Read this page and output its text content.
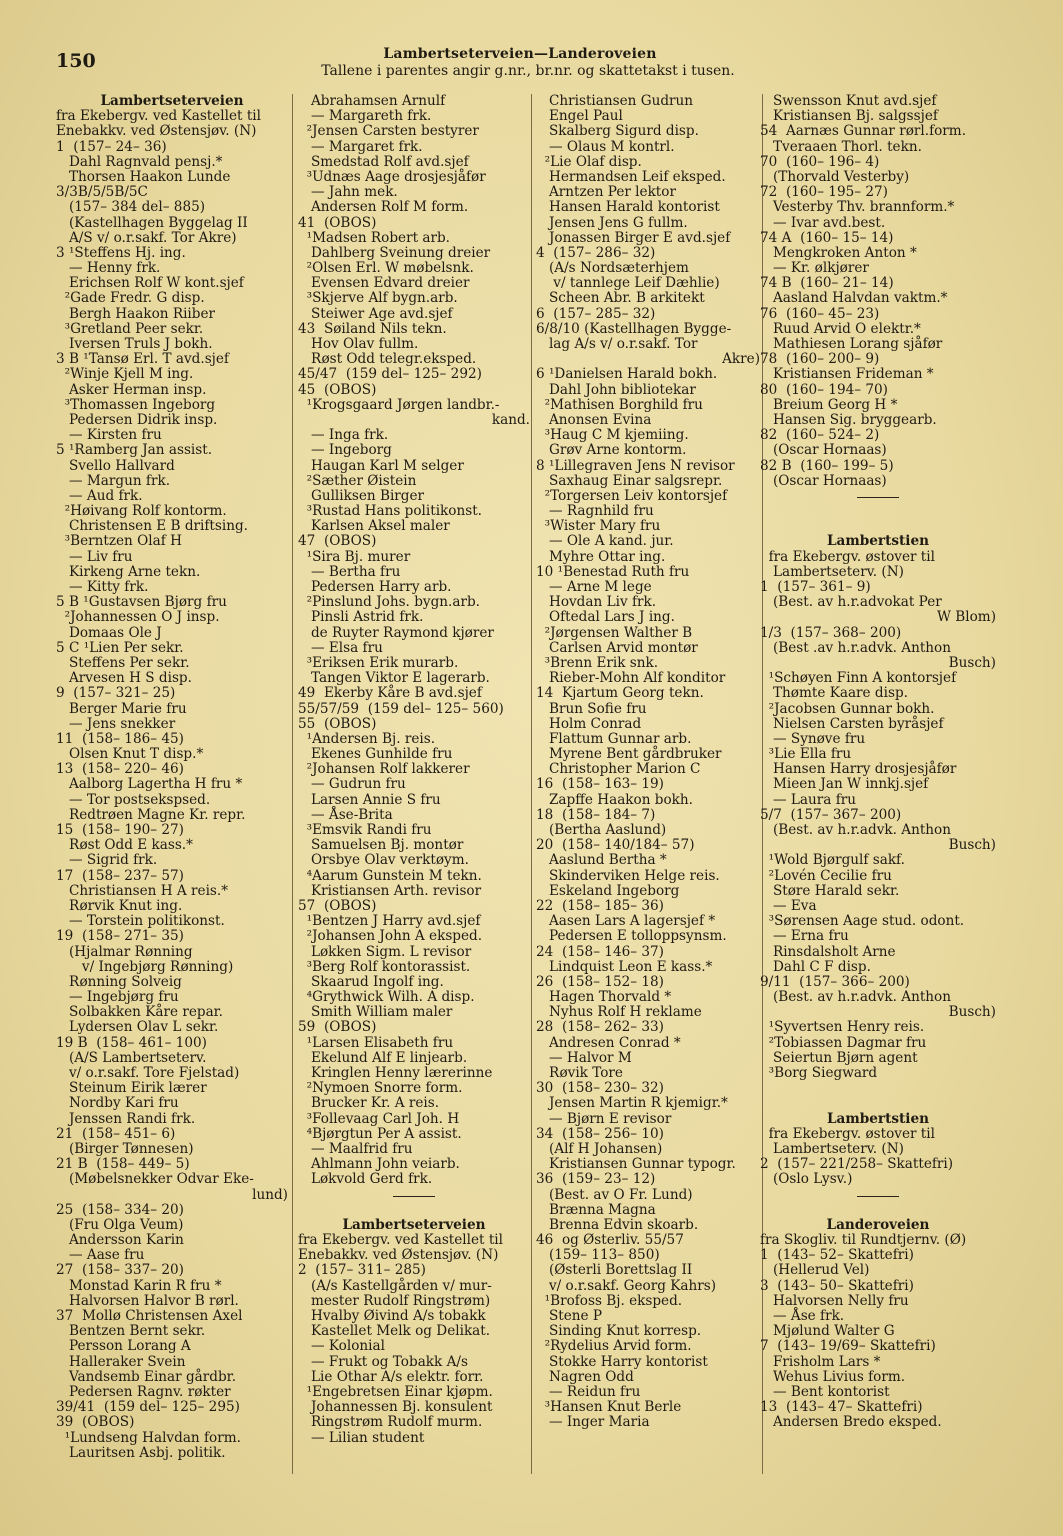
150	Lambertseterveien—Landeroveien
Tallene i parentes angir g.nr., br.nr. og skattetakst i tusen.
Lambertseterveien
fra Ekebergv. ved Kastellet til
Enebakkv. ved Østensjøv. (N)
1  (157– 24– 36)
Dahl Ragnvald pensj.*
Thorsen Haakon Lunde
3/3B/5/5B/5C
(157– 384 del– 885)
(Kastellhagen Byggelag II
A/S v/ o.r.sakf. Tor Akre)
3 ¹Steffens Hj. ing.
— Henny frk.
Erichsen Rolf W kont.sjef
²Gade Fredr. G disp.
Bergh Haakon Riiber
³Gretland Peer sekr.
Iversen Truls J bokh.
3 B ¹Tansø Erl. T avd.sjef
²Winje Kjell M ing.
Asker Herman insp.
³Thomassen Ingeborg
Pedersen Didrik insp.
— Kirsten fru
5 ¹Ramberg Jan assist.
Svello Hallvard
— Margun frk.
— Aud frk.
²Høivang Rolf kontorm.
Christensen E B driftsing.
³Berntzen Olaf H
— Liv fru
Kirkeng Arne tekn.
— Kitty frk.
5 B ¹Gustavsen Bjørg fru
²Johannessen O J insp.
Domaas Ole J
5 C ¹Lien Per sekr.
Steffens Per sekr.
Arvesen H S disp.
9  (157– 321– 25)
Berger Marie fru
— Jens snekker
11  (158– 186– 45)
Olsen Knut T disp.*
13  (158– 220– 46)
Aalborg Lagertha H fru *
— Tor postsekspsed.
Redtrøen Magne Kr. repr.
15  (158– 190– 27)
Røst Odd E kass.*
— Sigrid frk.
17  (158– 237– 57)
Christiansen H A reis.*
Rørvik Knut ing.
— Torstein politikonst.
19  (158– 271– 35)
(Hjalmar Rønning
v/ Ingebjørg Rønning)
Rønning Solveig
— Ingebjørg fru
Solbakken Kåre repar.
Lydersen Olav L sekr.
19 B  (158– 461– 100)
(A/S Lambertseterv.
v/ o.r.sakf. Tore Fjelstad)
Steinum Eirik lærer
Nordby Kari fru
Jenssen Randi frk.
21  (158– 451– 6)
(Birger Tønnesen)
21 B  (158– 449– 5)
(Møbelsnekker Odvar Eke-
lund)
25  (158– 334– 20)
(Fru Olga Veum)
Andersson Karin
— Aase fru
27  (158– 337– 20)
Monstad Karin R fru *
Halvorsen Halvor B rørl.
37  Mollø Christensen Axel
Bentzen Bernt sekr.
Persson Lorang A
Halleraker Svein
Vandsemb Einar gårdbr.
Pedersen Ragnv. røkter
39/41  (159 del– 125– 295)
39  (OBOS)
¹Lundseng Halvdan form.
Lauritsen Asbj. politik.
Abrahamsen Arnulf
— Margareth frk.
²Jensen Carsten bestyrer
— Margaret frk.
Smedstad Rolf avd.sjef
³Udnæs Aage drosjesjåfør
— Jahn mek.
Andersen Rolf M form.
41  (OBOS)
¹Madsen Robert arb.
Dahlberg Sveinung dreier
²Olsen Erl. W møbelsnk.
Evensen Edvard dreier
³Skjerve Alf bygn.arb.
Steiwer Age avd.sjef
43  Søiland Nils tekn.
Hov Olav fullm.
Røst Odd telegr.eksped.
45/47  (159 del– 125– 292)
45  (OBOS)
¹Krogsgaard Jørgen landbr.-
kand.
— Inga frk.
— Ingeborg
Haugan Karl M selger
²Sæther Øistein
Gulliksen Birger
³Rustad Hans politikonst.
Karlsen Aksel maler
47  (OBOS)
¹Sira Bj. murer
— Bertha fru
Pedersen Harry arb.
²Pinslund Johs. bygn.arb.
Pinsli Astrid frk.
de Ruyter Raymond kjører
— Elsa fru
³Eriksen Erik murarb.
Tangen Viktor E lagerarb.
49  Ekerby Kåre B avd.sjef
55/57/59  (159 del– 125– 560)
55  (OBOS)
¹Andersen Bj. reis.
Ekenes Gunhilde fru
²Johansen Rolf lakkerer
— Gudrun fru
Larsen Annie S fru
— Åse-Brita
³Emsvik Randi fru
Samuelsen Bj. montør
Orsbye Olav verktøym.
⁴Aarum Gunstein M tekn.
Kristiansen Arth. revisor
57  (OBOS)
¹Bentzen J Harry avd.sjef
²Johansen John A eksped.
Løkken Sigm. L revisor
³Berg Rolf kontorassist.
Skaarud Ingolf ing.
⁴Grythwick Wilh. A disp.
Smith William maler
59  (OBOS)
¹Larsen Elisabeth fru
Ekelund Alf E linjearb.
Kringlen Henny lærerinne
²Nymoen Snorre form.
Brucker Kr. A reis.
³Follevaag Carl Joh. H
⁴Bjørgtun Per A assist.
— Maalfrid fru
Ahlmann John veiarb.
Løkvold Gerd frk.
Lambertseterveien
fra Ekebergv. ved Kastellet til
Enebakkv. ved Østensjøv. (N)
2  (157– 311– 285)
(A/s Kastellgården v/ mur-
mester Rudolf Ringstrøm)
Hvalby Øivind A/s tobakk
Kastellet Melk og Delikat.
— Kolonial
— Frukt og Tobakk A/s
Lie Othar A/s elektr. forr.
¹Engebretsen Einar kjøpm.
Johannessen Bj. konsulent
Ringstrøm Rudolf murm.
— Lilian student
Christiansen Gudrun
Engel Paul
Skalberg Sigurd disp.
— Olaus M kontrl.
²Lie Olaf disp.
Hermandsen Leif eksped.
Arntzen Per lektor
Hansen Harald kontorist
Jensen Jens G fullm.
Jonassen Birger E avd.sjef
4  (157– 286– 32)
(A/s Nordsæterhjem
v/ tannlege Leif Dæhlie)
Scheen Abr. B arkitekt
6  (157– 285– 32)
6/8/10 (Kastellhagen Bygge-
lag A/s v/ o.r.sakf. Tor
Akre)
6 ¹Danielsen Harald bokh.
Dahl John bibliotekar
²Mathisen Borghild fru
Anonsen Evina
³Haug C M kjemiing.
Grøv Arne kontorm.
8 ¹Lillegraven Jens N revisor
Saxhaug Einar salgsrepr.
²Torgersen Leiv kontorsjef
— Ragnhild fru
³Wister Mary fru
— Ole A kand. jur.
Myhre Ottar ing.
10 ¹Benestad Ruth fru
— Arne M lege
Hovdan Liv frk.
Oftedal Lars J ing.
²Jørgensen Walther B
Carlsen Arvid montør
³Brenn Erik snk.
Rieber-Mohn Alf konditor
14  Kjartum Georg tekn.
Brun Sofie fru
Holm Conrad
Flattum Gunnar arb.
Myrene Bent gårdbruker
Christopher Marion C
16  (158– 163– 19)
Zapffe Haakon bokh.
18  (158– 184– 7)
(Bertha Aaslund)
20  (158– 140/184– 57)
Aaslund Bertha *
Skinderviken Helge reis.
Eskeland Ingeborg
22  (158– 185– 36)
Aasen Lars A lagersjef *
Pedersen E tolloppsynsm.
24  (158– 146– 37)
Lindquist Leon E kass.*
26  (158– 152– 18)
Hagen Thorvald *
Nyhus Rolf H reklame
28  (158– 262– 33)
Andresen Conrad *
— Halvor M
Røvik Tore
30  (158– 230– 32)
Jensen Martin R kjemigr.*
— Bjørn E revisor
34  (158– 256– 10)
(Alf H Johansen)
Kristiansen Gunnar typogr.
36  (159– 23– 12)
(Best. av O Fr. Lund)
Brænna Magna
Brenna Edvin skoarb.
46  og Østerliv. 55/57
(159– 113– 850)
(Østerli Borettslag II
v/ o.r.sakf. Georg Kahrs)
¹Brofoss Bj. eksped.
Stene P
Sinding Knut korresp.
²Rydelius Arvid form.
Stokke Harry kontorist
Nagren Odd
— Reidun fru
³Hansen Knut Berle
— Inger Maria
Swensson Knut avd.sjef
Kristiansen Bj. salgssjef
54  Aarnæs Gunnar rørl.form.
Tveraaen Thorl. tekn.
70  (160– 196– 4)
(Thorvald Vesterby)
72  (160– 195– 27)
Vesterby Thv. brannform.*
— Ivar avd.best.
74 A  (160– 15– 14)
Mengkroken Anton *
— Kr. ølkjører
74 B  (160– 21– 14)
Aasland Halvdan vaktm.*
76  (160– 45– 23)
Ruud Arvid O elektr.*
Mathiesen Lorang sjåfør
78  (160– 200– 9)
Kristiansen Frideman *
80  (160– 194– 70)
Breium Georg H *
Hansen Sig. bryggearb.
82  (160– 524– 2)
(Oscar Hornaas)
82 B  (160– 199– 5)
(Oscar Hornaas)
Lambertstien
fra Ekebergv. østover til
Lambertseterv. (N)
1  (157– 361– 9)
(Best. av h.r.advokat Per
W Blom)
1/3  (157– 368– 200)
(Best .av h.r.advk. Anthon
Busch)
¹Schøyen Finn A kontorsjef
Thømte Kaare disp.
²Jacobsen Gunnar bokh.
Nielsen Carsten byråsjef
— Synøve fru
³Lie Ella fru
Hansen Harry drosjesjåfør
Mieen Jan W innkj.sjef
— Laura fru
5/7  (157– 367– 200)
(Best. av h.r.advk. Anthon
Busch)
¹Wold Bjørgulf sakf.
²Lovén Cecilie fru
Støre Harald sekr.
— Eva
³Sørensen Aage stud. odont.
— Erna fru
Rinsdalsholt Arne
Dahl C F disp.
9/11  (157– 366– 200)
(Best. av h.r.advk. Anthon
Busch)
¹Syvertsen Henry reis.
²Tobiassen Dagmar fru
Seiertun Bjørn agent
³Borg Siegward
Lambertstien
fra Ekebergv. østover til
Lambertseterv. (N)
2  (157– 221/258– Skattefri)
(Oslo Lysv.)
Landeroveien
fra Skogliv. til Rundtjernv. (Ø)
1  (143– 52– Skattefri)
(Hellerud Vel)
3  (143– 50– Skattefri)
Halvorsen Nelly fru
— Åse frk.
Mjølund Walter G
7  (143– 19/69– Skattefri)
Frisholm Lars *
Wehus Livius form.
— Bent kontorist
13  (143– 47– Skattefri)
Andersen Bredo eksped.
